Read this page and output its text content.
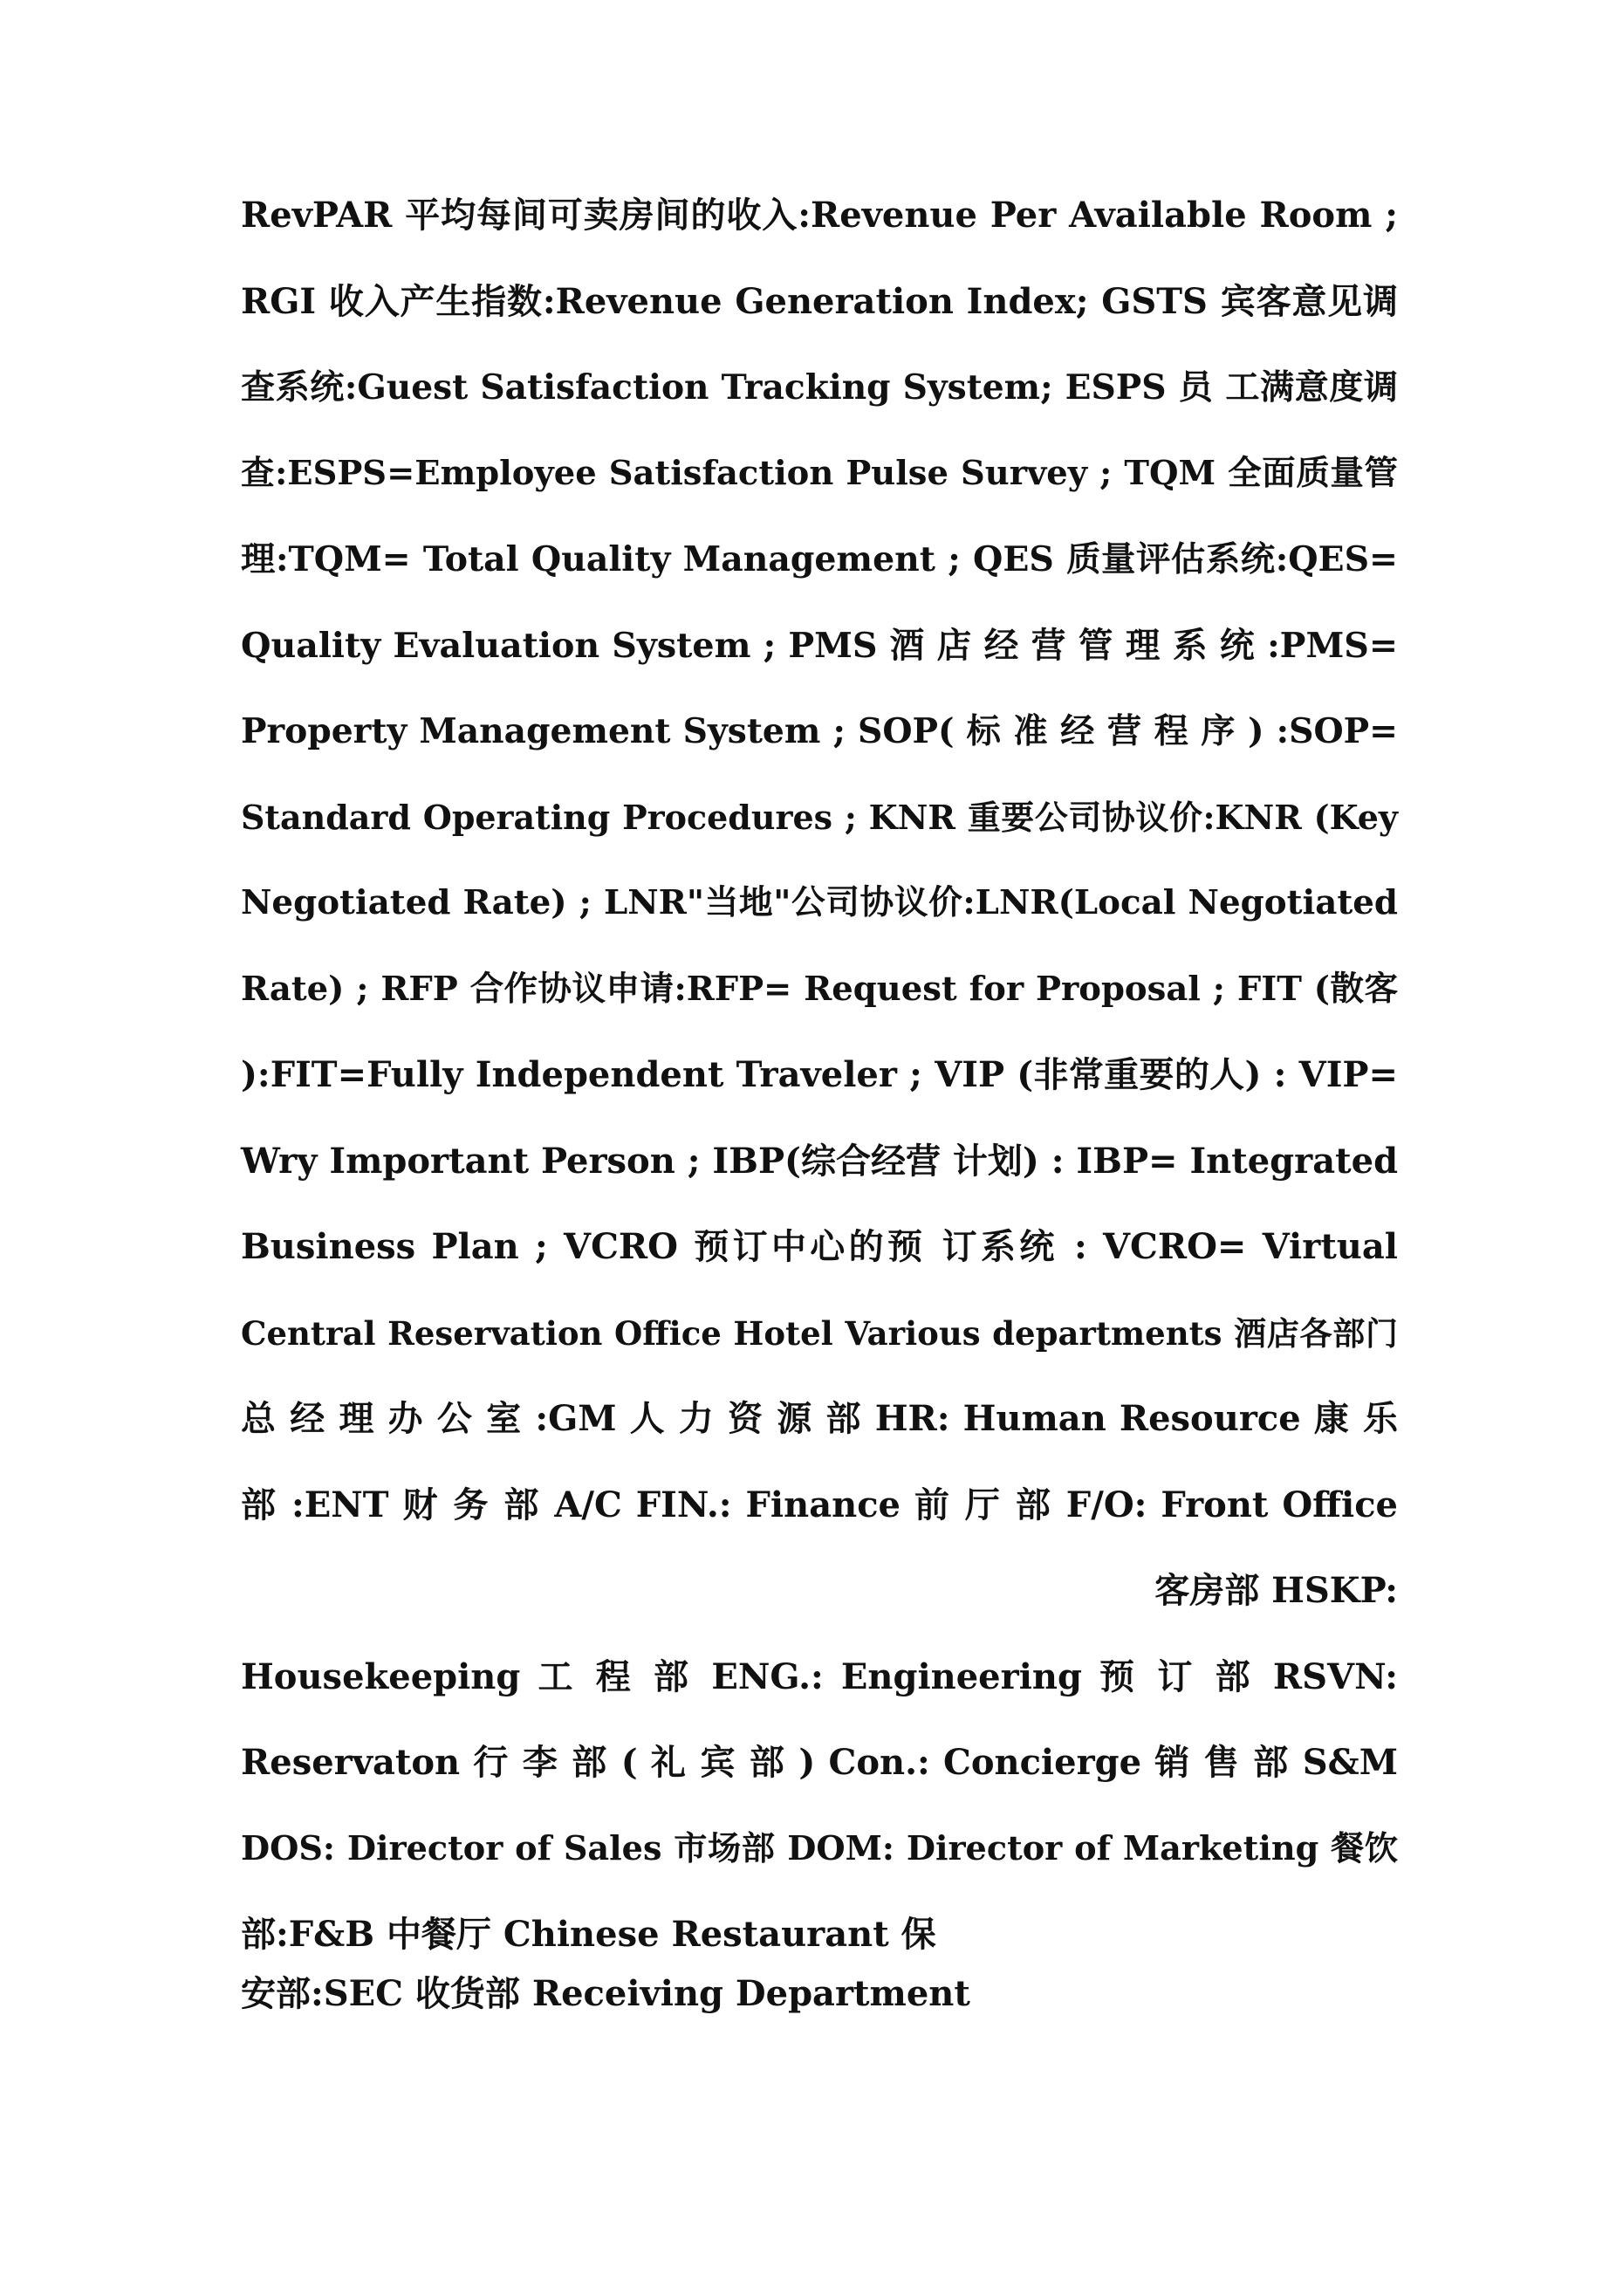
RevPAR 平均每间可卖房间的收入:Revenue Per Available Room ;
RGI 收入产生指数:Revenue Generation Index; GSTS 宾客意见调
查系统:Guest Satisfaction Tracking System; ESPS 员 工满意度调
查:ESPS=Employee Satisfaction Pulse Survey ; TQM 全面质量管
理:TQM= Total Quality Management ; QES 质量评估系统:QES=
Quality Evaluation System ; PMS 酒 店 经 营 管 理 系 统 :PMS=
Property Management System ; SOP( 标 准 经 营 程 序 ) :SOP=
Standard Operating Procedures ; KNR 重要公司协议价:KNR (Key
Negotiated Rate) ; LNR"当地"公司协议价:LNR(Local Negotiated
Rate) ; RFP 合作协议申请:RFP= Request for Proposal ; FIT (散客
):FIT=Fully Independent Traveler ; VIP (非常重要的人) : VIP=
Wry Important Person ; IBP(综合经营 计划) : IBP= Integrated
Business Plan ; VCRO 预订中心的预 订系统 : VCRO= Virtual
Central Reservation Office Hotel Various departments 酒店各部门
总 经 理 办 公 室 :GM 人 力 资 源 部 HR: Human Resource 康 乐
部 :ENT 财 务 部 A/C FIN.: Finance 前 厅 部 F/O: Front Office
客房部 HSKP:
Housekeeping 工 程 部 ENG.: Engineering 预 订 部 RSVN:
Reservaton 行 李 部 ( 礼 宾 部 ) Con.: Concierge 销 售 部 S&M
DOS: Director of Sales 市场部 DOM: Director of Marketing 餐饮
部:F&B 中餐厅 Chinese Restaurant 保
安部:SEC 收货部 Receiving Department
